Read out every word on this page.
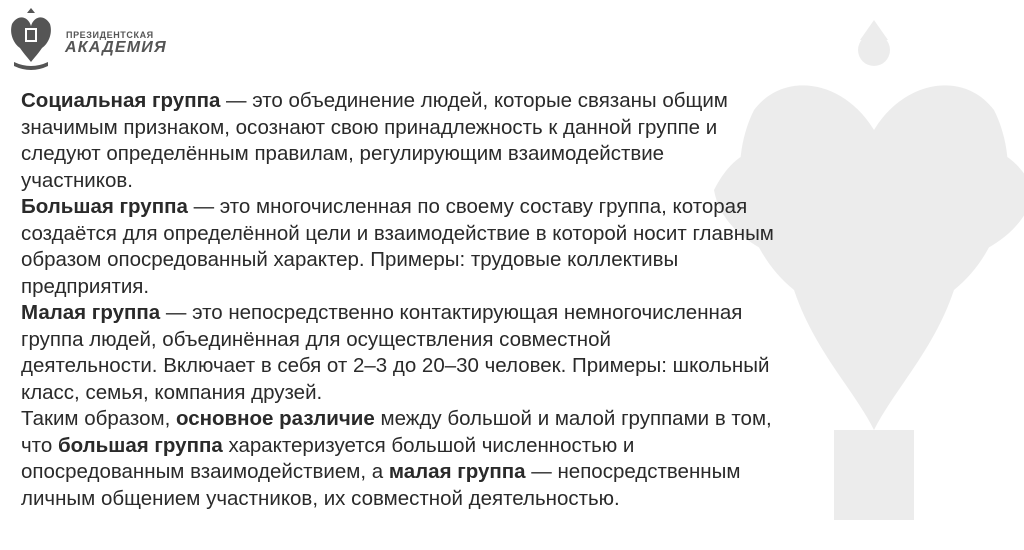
ПРЕЗИДЕНТСКАЯ
АКАДЕМИЯ

Социальная группа — это объединение людей, которые связаны общим
значимым признаком, осознают свою принадлежность к данной группе и
следуют определённым правилам, регулирующим взаимодействие
участников.

Большая группа — это многочисленная по своему составу группа, которая
создаётся для определённой цели и взаимодействие в которой носит главным
образом опосредованный характер. Примеры: трудовые коллективы
предприятия.

Малая группа — это непосредственно контактирующая немногочисленная
группа людей, объединённая для осуществления совместной
деятельности. Включает в себя от 2–3 до 20–30 человек. Примеры: школьный
класс, семья, компания друзей.

Таким образом, основное различие между большой и малой группами в том,
что большая группа характеризуется большой численностью и
опосредованным взаимодействием, а малая группа — непосредственным
личным общением участников, их совместной деятельностью.
